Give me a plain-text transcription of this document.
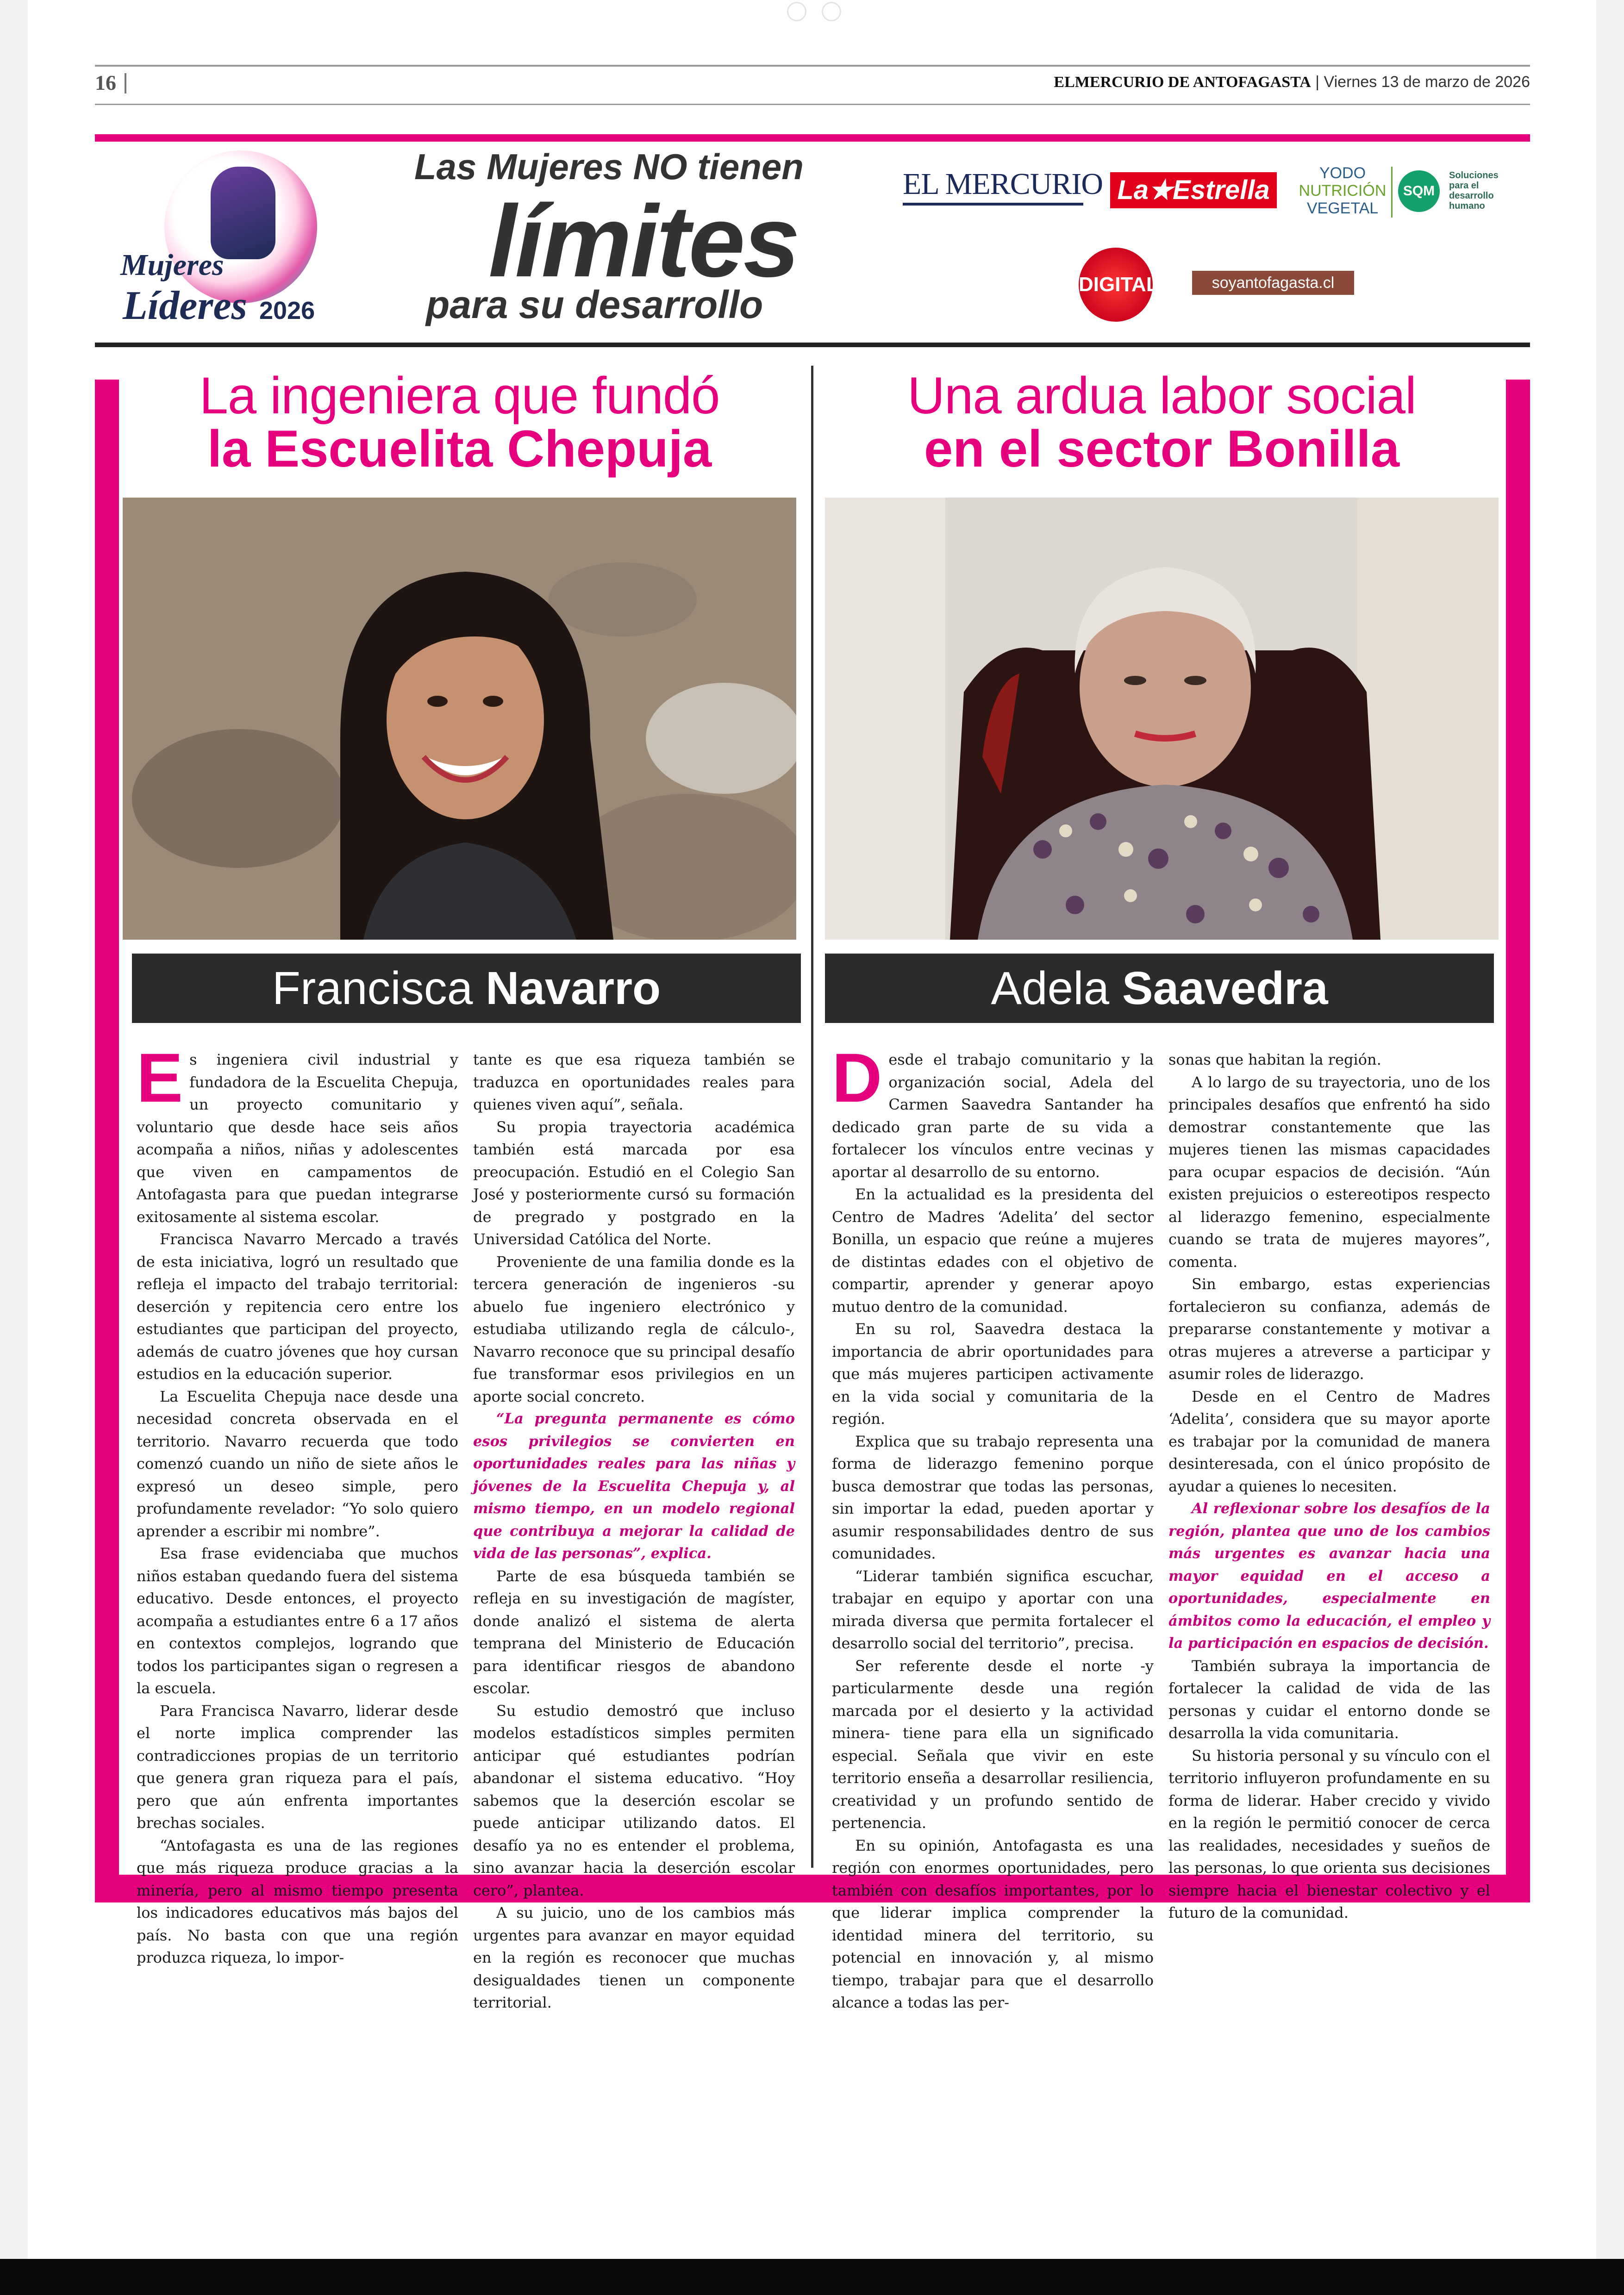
16	ELMERCURIO DE ANTOFAGASTA | Viernes 13 de marzo de 2026
Mujeres
Líderes 2026
Las Mujeres NO tienen
límites
para su desarrollo
EL MERCURIO La★Estrella
YODO
NUTRICIÓN
VEGETAL
SQM
Soluciones para el desarrollo humano
DIGITAL	soyantofagasta.cl
La ingeniera que fundó
la Escuelita Chepuja
Francisca Navarro

Es ingeniera civil industrial y fundadora de la Escuelita Chepuja, un proyecto comunitario y voluntario que desde hace seis años acompaña a niños, niñas y adolescentes que viven en campamentos de Antofagasta para que puedan integrarse exitosamente al sistema escolar.

Francisca Navarro Mercado a través de esta iniciativa, logró un resultado que refleja el impacto del trabajo territorial: deserción y repitencia cero entre los estudiantes que participan del proyecto, además de cuatro jóvenes que hoy cursan estudios en la educación superior.

La Escuelita Chepuja nace desde una necesidad concreta observada en el territorio. Navarro recuerda que todo comenzó cuando un niño de siete años le expresó un deseo simple, pero profundamente revelador: “Yo solo quiero aprender a escribir mi nombre”.

Esa frase evidenciaba que muchos niños estaban quedando fuera del sistema educativo. Desde entonces, el proyecto acompaña a estudiantes entre 6 a 17 años en contextos complejos, logrando que todos los participantes sigan o regresen a la escuela.

Para Francisca Navarro, liderar desde el norte implica comprender las contradicciones propias de un territorio que genera gran riqueza para el país, pero que aún enfrenta importantes brechas sociales.

“Antofagasta es una de las regiones que más riqueza produce gracias a la minería, pero al mismo tiempo presenta los indicadores educativos más bajos del país. No basta con que una región produzca riqueza, lo impor-

tante es que esa riqueza también se traduzca en oportunidades reales para quienes viven aquí”, señala.

Su propia trayectoria académica también está marcada por esa preocupación. Estudió en el Colegio San José y posteriormente cursó su formación de pregrado y postgrado en la Universidad Católica del Norte.

Proveniente de una familia donde es la tercera generación de ingenieros -su abuelo fue ingeniero electrónico y estudiaba utilizando regla de cálculo-, Navarro reconoce que su principal desafío fue transformar esos privilegios en un aporte social concreto.

“La pregunta permanente es cómo esos privilegios se convierten en oportunidades reales para las niñas y jóvenes de la Escuelita Chepuja y, al mismo tiempo, en un modelo regional que contribuya a mejorar la calidad de vida de las personas”, explica.

Parte de esa búsqueda también se refleja en su investigación de magíster, donde analizó el sistema de alerta temprana del Ministerio de Educación para identificar riesgos de abandono escolar.

Su estudio demostró que incluso modelos estadísticos simples permiten anticipar qué estudiantes podrían abandonar el sistema educativo. “Hoy sabemos que la deserción escolar se puede anticipar utilizando datos. El desafío ya no es entender el problema, sino avanzar hacia la deserción escolar cero”, plantea.

A su juicio, uno de los cambios más urgentes para avanzar en mayor equidad en la región es reconocer que muchas desigualdades tienen un componente territorial.

Una ardua labor social
en el sector Bonilla
Adela Saavedra

Desde el trabajo comunitario y la organización social, Adela del Carmen Saavedra Santander ha dedicado gran parte de su vida a fortalecer los vínculos entre vecinas y aportar al desarrollo de su entorno.

En la actualidad es la presidenta del Centro de Madres ‘Adelita’ del sector Bonilla, un espacio que reúne a mujeres de distintas edades con el objetivo de compartir, aprender y generar apoyo mutuo dentro de la comunidad.

En su rol, Saavedra destaca la importancia de abrir oportunidades para que más mujeres participen activamente en la vida social y comunitaria de la región.

Explica que su trabajo representa una forma de liderazgo femenino porque busca demostrar que todas las personas, sin importar la edad, pueden aportar y asumir responsabilidades dentro de sus comunidades.

“Liderar también significa escuchar, trabajar en equipo y aportar con una mirada diversa que permita fortalecer el desarrollo social del territorio”, precisa.

Ser referente desde el norte -y particularmente desde una región marcada por el desierto y la actividad minera- tiene para ella un significado especial. Señala que vivir en este territorio enseña a desarrollar resiliencia, creatividad y un profundo sentido de pertenencia.

En su opinión, Antofagasta es una región con enormes oportunidades, pero también con desafíos importantes, por lo que liderar implica comprender la identidad minera del territorio, su potencial en innovación y, al mismo tiempo, trabajar para que el desarrollo alcance a todas las per-

sonas que habitan la región.

A lo largo de su trayectoria, uno de los principales desafíos que enfrentó ha sido demostrar constantemente que las mujeres tienen las mismas capacidades para ocupar espacios de decisión. “Aún existen prejuicios o estereotipos respecto al liderazgo femenino, especialmente cuando se trata de mujeres mayores”, comenta.

Sin embargo, estas experiencias fortalecieron su confianza, además de prepararse constantemente y motivar a otras mujeres a atreverse a participar y asumir roles de liderazgo.

Desde en el Centro de Madres ‘Adelita’, considera que su mayor aporte es trabajar por la comunidad de manera desinteresada, con el único propósito de ayudar a quienes lo necesiten.

Al reflexionar sobre los desafíos de la región, plantea que uno de los cambios más urgentes es avanzar hacia una mayor equidad en el acceso a oportunidades, especialmente en ámbitos como la educación, el empleo y la participación en espacios de decisión.

También subraya la importancia de fortalecer la calidad de vida de las personas y cuidar el entorno donde se desarrolla la vida comunitaria.

Su historia personal y su vínculo con el territorio influyeron profundamente en su forma de liderar. Haber crecido y vivido en la región le permitió conocer de cerca las realidades, necesidades y sueños de las personas, lo que orienta sus decisiones siempre hacia el bienestar colectivo y el futuro de la comunidad.
